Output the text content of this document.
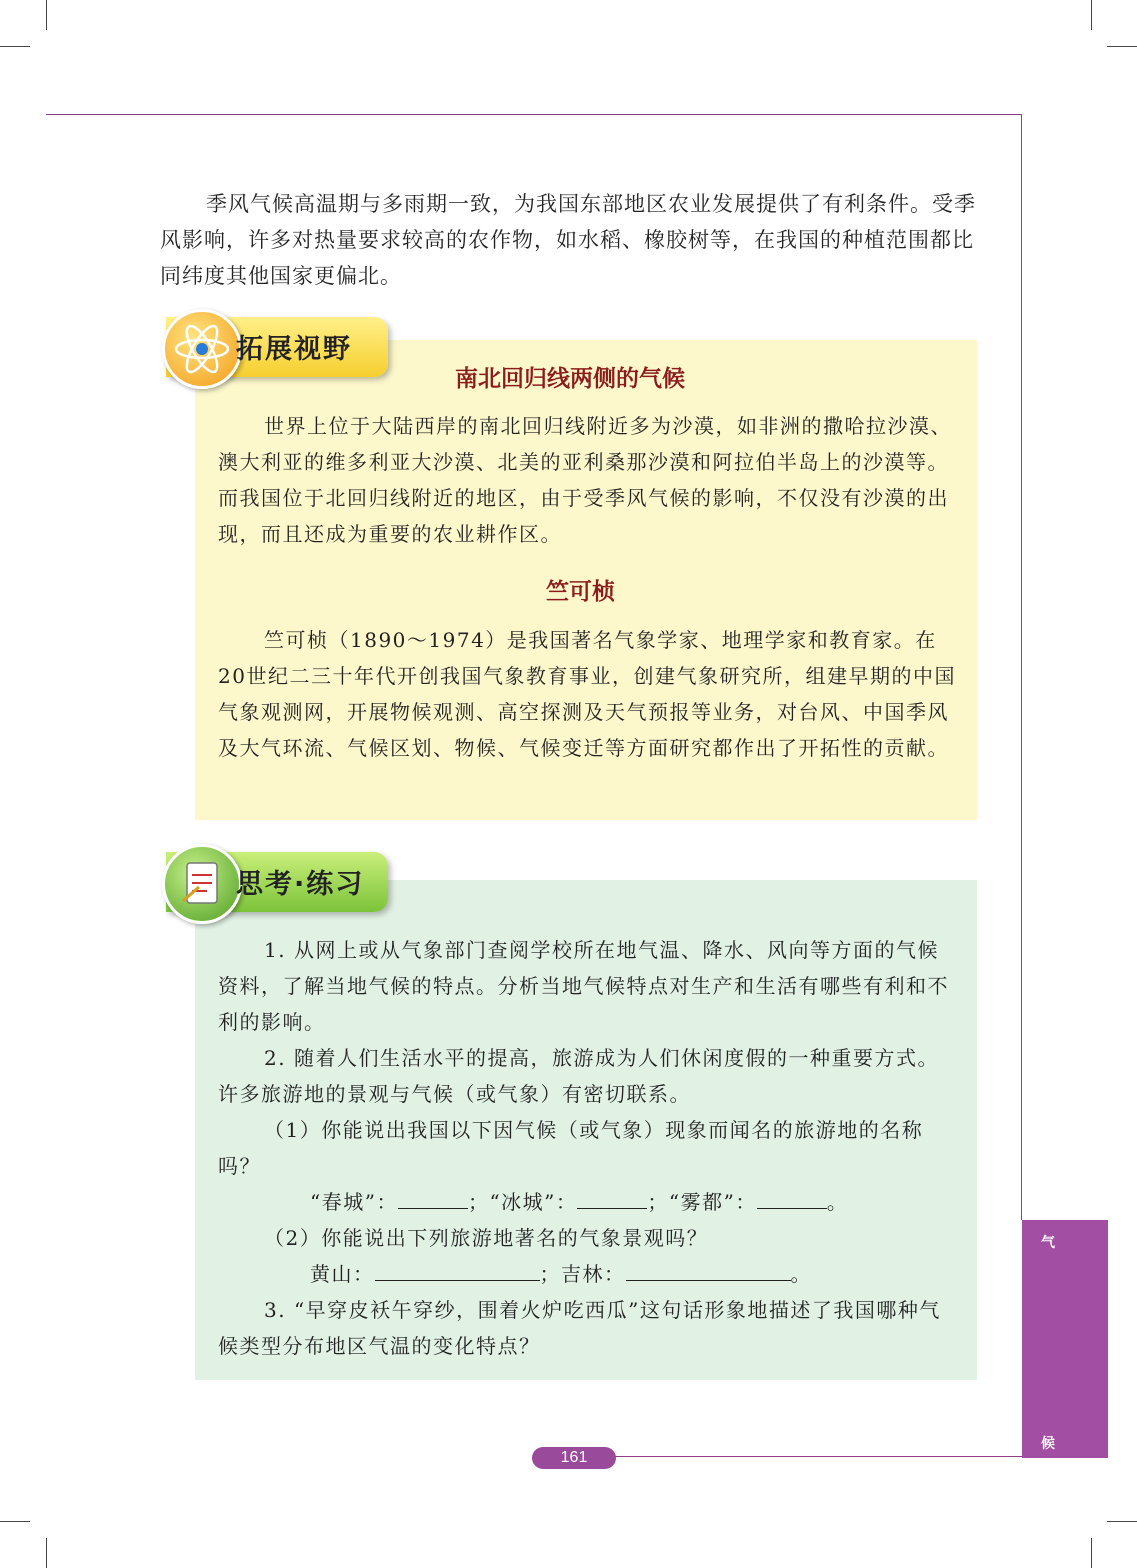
季风气候高温期与多雨期一致，为我国东部地区农业发展提供了有利条件。受季风影响，许多对热量要求较高的农作物，如水稻、橡胶树等，在我国的种植范围都比同纬度其他国家更偏北。

拓展视野
南北回归线两侧的气候

世界上位于大陆西岸的南北回归线附近多为沙漠，如非洲的撒哈拉沙漠、澳大利亚的维多利亚大沙漠、北美的亚利桑那沙漠和阿拉伯半岛上的沙漠等。而我国位于北回归线附近的地区，由于受季风气候的影响，不仅没有沙漠的出现，而且还成为重要的农业耕作区。

竺可桢

竺可桢（1890～1974）是我国著名气象学家、地理学家和教育家。在20世纪二三十年代开创我国气象教育事业，创建气象研究所，组建早期的中国气象观测网，开展物候观测、高空探测及天气预报等业务，对台风、中国季风及大气环流、气候区划、物候、气候变迁等方面研究都作出了开拓性的贡献。

思考·练习

1. 从网上或从气象部门查阅学校所在地气温、降水、风向等方面的气候资料，了解当地气候的特点。分析当地气候特点对生产和生活有哪些有利和不利的影响。

2. 随着人们生活水平的提高，旅游成为人们休闲度假的一种重要方式。许多旅游地的景观与气候（或气象）有密切联系。

（1）你能说出我国以下因气候（或气象）现象而闻名的旅游地的名称吗？

“春城”：	；“冰城”：	；“雾都”：	。

（2）你能说出下列旅游地著名的气象景观吗？

黄山：	；吉林：	。

3. “早穿皮袄午穿纱，围着火炉吃西瓜”这句话形象地描述了我国哪种气候类型分布地区气温的变化特点？

气
候
161
